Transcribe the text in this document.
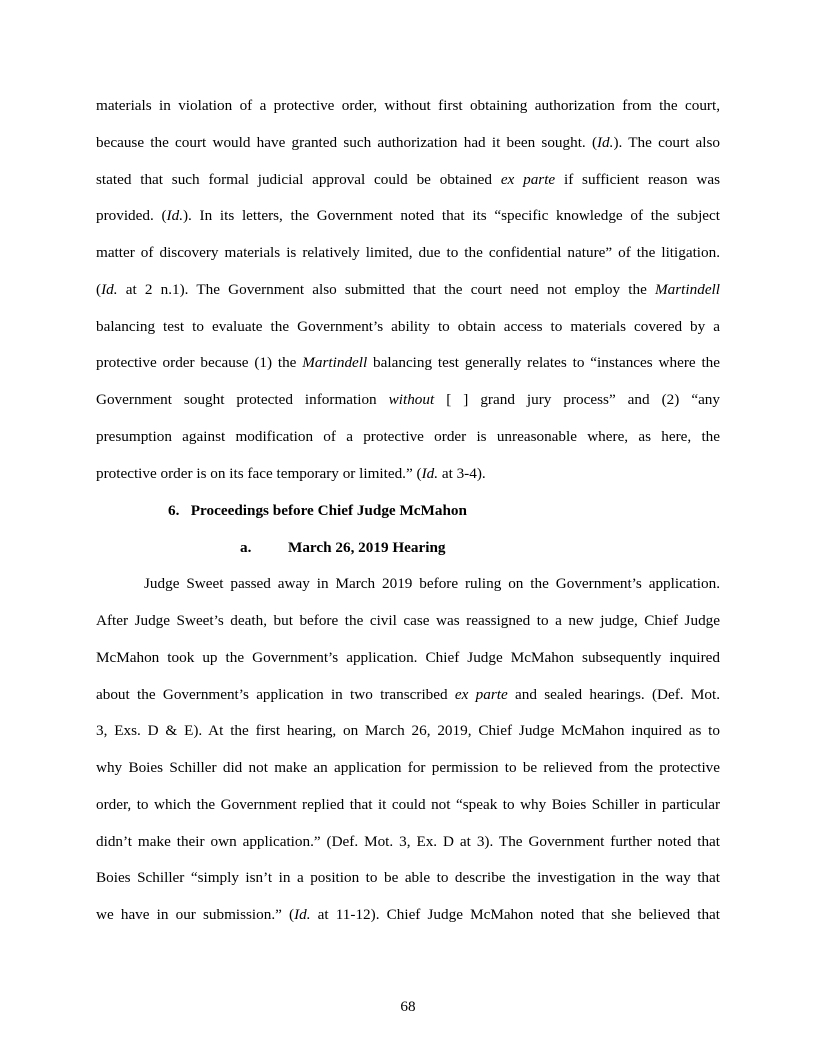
materials in violation of a protective order, without first obtaining authorization from the court,
because the court would have granted such authorization had it been sought. (Id.). The court also
stated that such formal judicial approval could be obtained ex parte if sufficient reason was
provided. (Id.). In its letters, the Government noted that its “specific knowledge of the subject
matter of discovery materials is relatively limited, due to the confidential nature” of the litigation.
(Id. at 2 n.1). The Government also submitted that the court need not employ the Martindell
balancing test to evaluate the Government’s ability to obtain access to materials covered by a
protective order because (1) the Martindell balancing test generally relates to “instances where the
Government sought protected information without [ ] grand jury process” and (2) “any
presumption against modification of a protective order is unreasonable where, as here, the
protective order is on its face temporary or limited.” (Id. at 3-4).
6.   Proceedings before Chief Judge McMahon
a.	March 26, 2019 Hearing
Judge Sweet passed away in March 2019 before ruling on the Government’s application.
After Judge Sweet’s death, but before the civil case was reassigned to a new judge, Chief Judge
McMahon took up the Government’s application. Chief Judge McMahon subsequently inquired
about the Government’s application in two transcribed ex parte and sealed hearings. (Def. Mot.
3, Exs. D & E). At the first hearing, on March 26, 2019, Chief Judge McMahon inquired as to
why Boies Schiller did not make an application for permission to be relieved from the protective
order, to which the Government replied that it could not “speak to why Boies Schiller in particular
didn’t make their own application.” (Def. Mot. 3, Ex. D at 3). The Government further noted that
Boies Schiller “simply isn’t in a position to be able to describe the investigation in the way that
we have in our submission.” (Id. at 11-12). Chief Judge McMahon noted that she believed that
68
